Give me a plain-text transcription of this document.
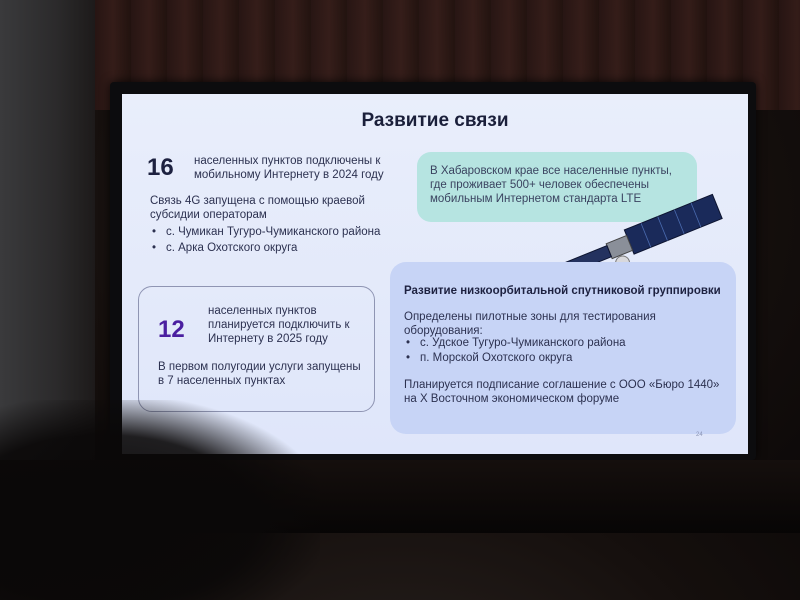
Развитие связи
16 населенных пунктов подключены к мобильному Интернету в 2024 году
Связь 4G запущена с помощью краевой субсидии операторам
• с. Чумикан Тугуро-Чумиканского района
• с. Арка Охотского округа
В Хабаровском крае все населенные пункты, где проживает 500+ человек обеспечены мобильным Интернетом стандарта LTE
12
населенных пунктов планируется подключить к Интернету в 2025 году
В первом полугодии услуги запущены в 7 населенных пунктах
Развитие низкоорбитальной спутниковой группировки
Определены пилотные зоны для тестирования оборудования:
• с. Удское Тугуро-Чумиканского района
• п. Морской Охотского округа
Планируется подписание соглашение с ООО «Бюро 1440» на X Восточном экономическом форуме
24
